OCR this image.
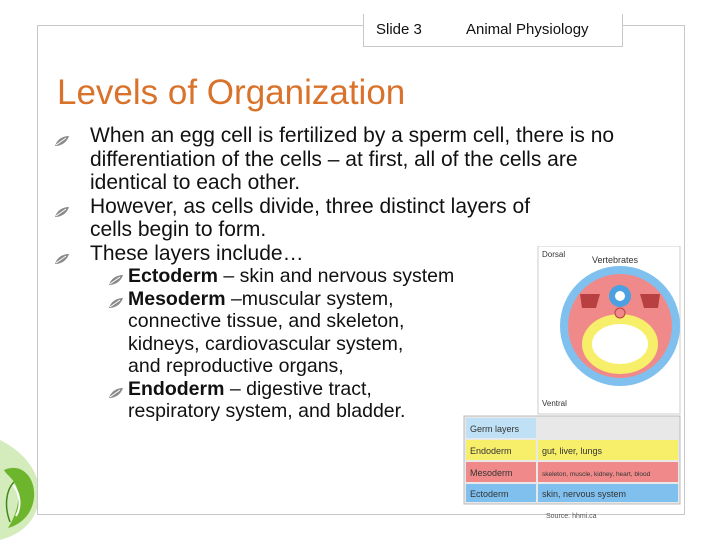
Slide 3	Animal Physiology
Levels of Organization

When an egg cell is fertilized by a sperm cell, there is no differentiation of the cells – at first, all of the cells are identical to each other.

However, as cells divide, three distinct layers of cells begin to form.

These layers include…

Ectoderm – skin and nervous system
Mesoderm –muscular system, connective tissue, and skeleton, kidneys, cardiovascular system, and reproductive organs,
Endoderm – digestive tract, respiratory system, and bladder.
Dorsal
Vertebrates
Ventral
Germ layers
Endoderm	gut, liver, lungs
Mesoderm	skeleton, muscle, kidney, heart, blood
Ectoderm	skin, nervous system
Source: hhmi.ca
